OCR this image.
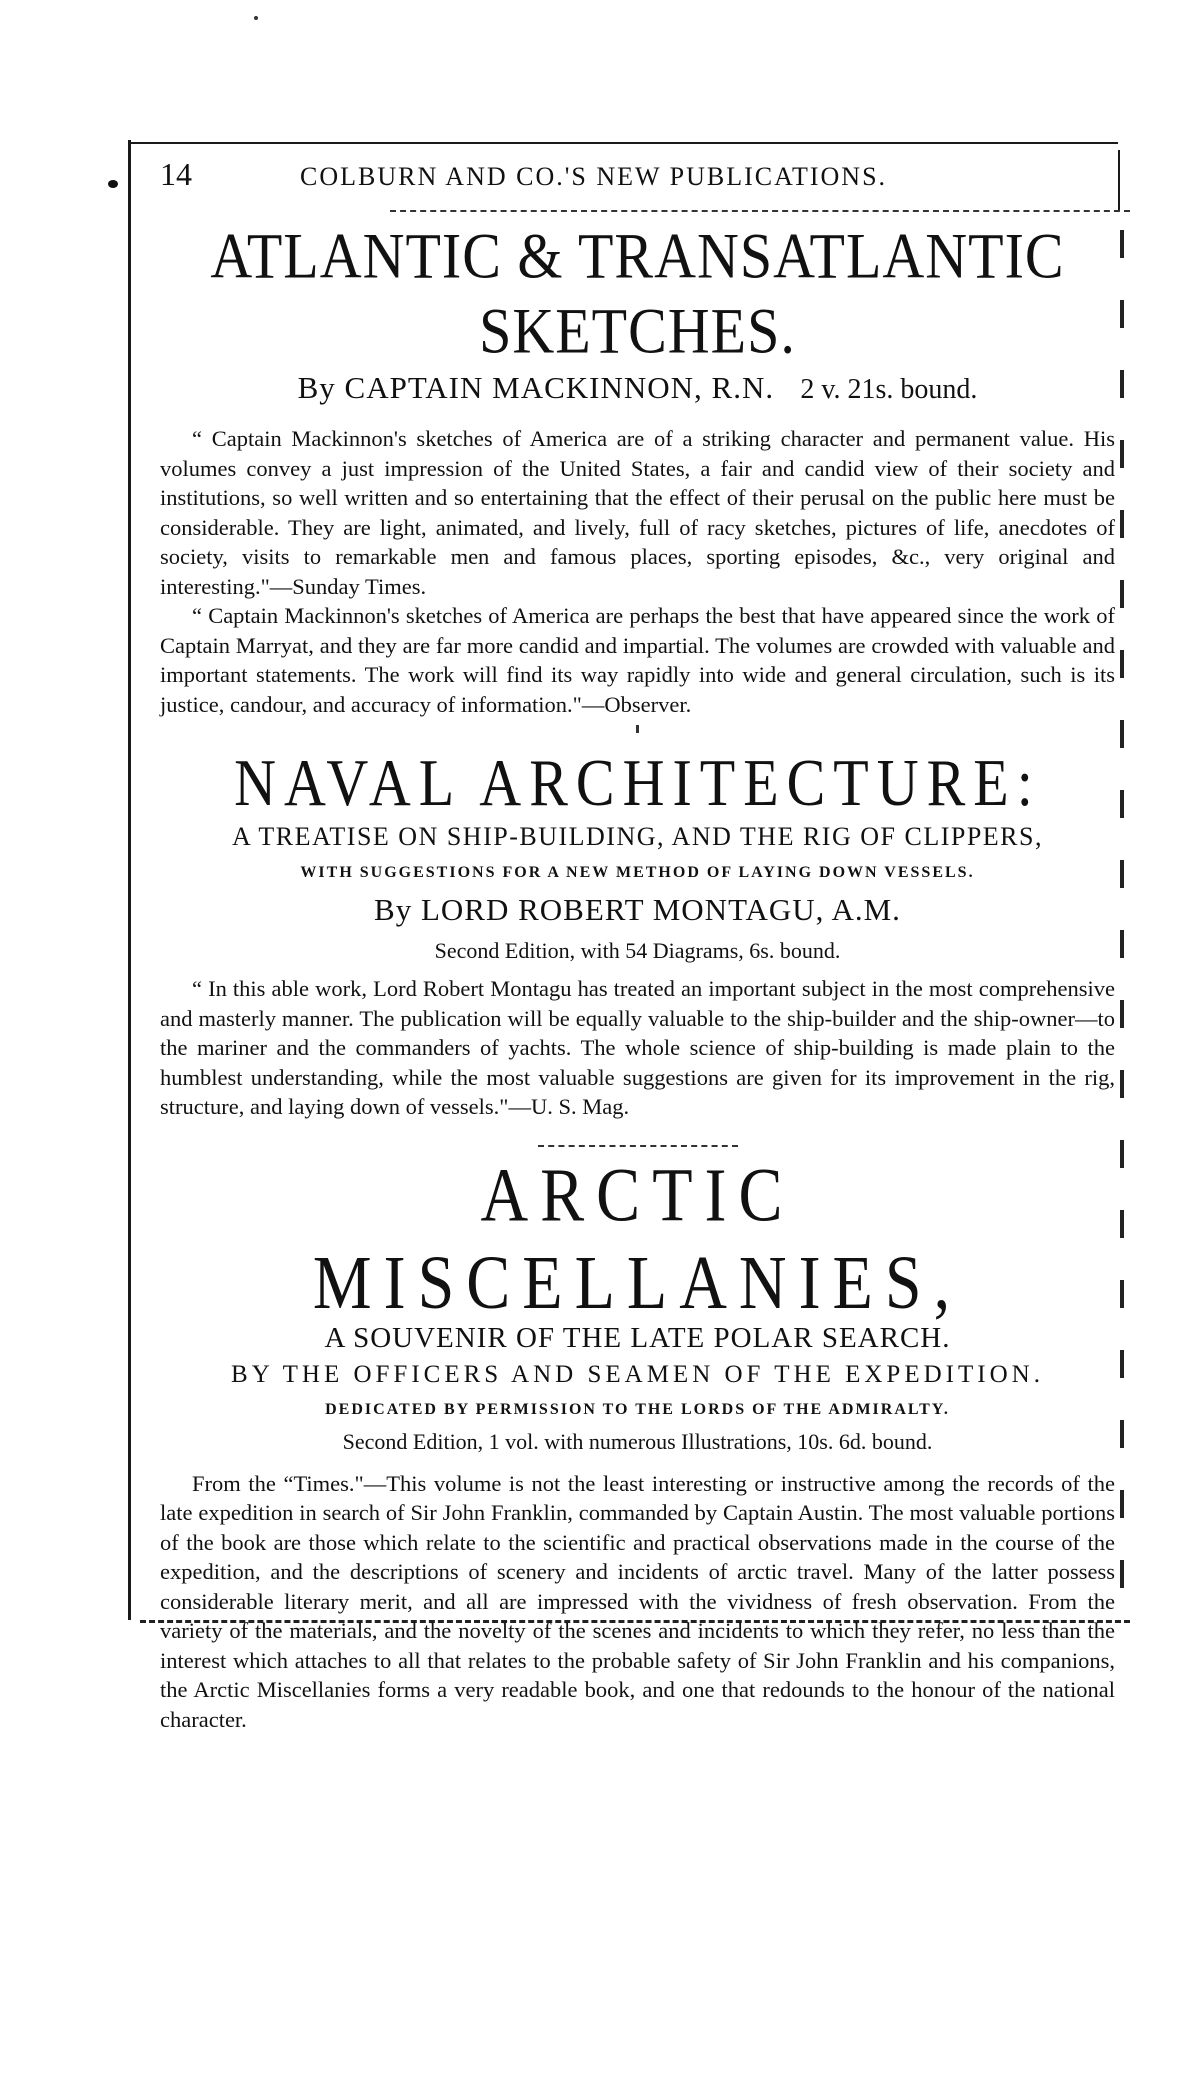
14	COLBURN AND CO.'S NEW PUBLICATIONS.
ATLANTIC & TRANSATLANTIC SKETCHES.
By CAPTAIN MACKINNON, R.N. 2 v. 21s. bound.

“ Captain Mackinnon's sketches of America are of a striking character and permanent value. His volumes convey a just impression of the United States, a fair and candid view of their society and institutions, so well written and so entertaining that the effect of their perusal on the public here must be considerable. They are light, animated, and lively, full of racy sketches, pictures of life, anecdotes of society, visits to remarkable men and famous places, sporting episodes, &c., very original and interesting."—Sunday Times.

“ Captain Mackinnon's sketches of America are perhaps the best that have appeared since the work of Captain Marryat, and they are far more candid and impartial. The volumes are crowded with valuable and important statements. The work will find its way rapidly into wide and general circulation, such is its justice, candour, and accuracy of information."—Observer.

NAVAL ARCHITECTURE:
A TREATISE ON SHIP-BUILDING, AND THE RIG OF CLIPPERS,
WITH SUGGESTIONS FOR A NEW METHOD OF LAYING DOWN VESSELS.
By LORD ROBERT MONTAGU, A.M.
Second Edition, with 54 Diagrams, 6s. bound.

“ In this able work, Lord Robert Montagu has treated an important subject in the most comprehensive and masterly manner. The publication will be equally valuable to the ship-builder and the ship-owner—to the mariner and the commanders of yachts. The whole science of ship-building is made plain to the humblest understanding, while the most valuable suggestions are given for its improvement in the rig, structure, and laying down of vessels."—U. S. Mag.

ARCTIC MISCELLANIES,
A SOUVENIR OF THE LATE POLAR SEARCH.
BY THE OFFICERS AND SEAMEN OF THE EXPEDITION.
DEDICATED BY PERMISSION TO THE LORDS OF THE ADMIRALTY.
Second Edition, 1 vol. with numerous Illustrations, 10s. 6d. bound.

From the “Times."—This volume is not the least interesting or instructive among the records of the late expedition in search of Sir John Franklin, commanded by Captain Austin. The most valuable portions of the book are those which relate to the scientific and practical observations made in the course of the expedition, and the descriptions of scenery and incidents of arctic travel. Many of the latter possess considerable literary merit, and all are impressed with the vividness of fresh observation. From the variety of the materials, and the novelty of the scenes and incidents to which they refer, no less than the interest which attaches to all that relates to the probable safety of Sir John Franklin and his companions, the Arctic Miscellanies forms a very readable book, and one that redounds to the honour of the national character.
